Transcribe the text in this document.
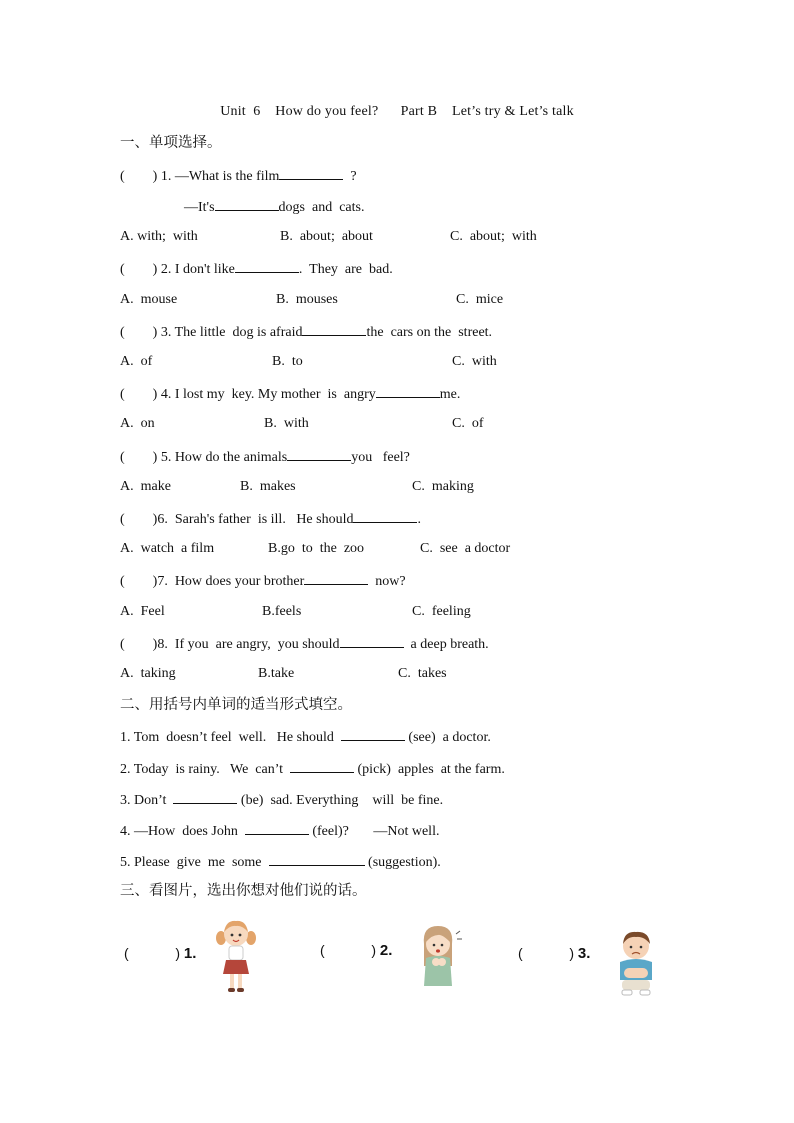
Unit  6    How do you feel?      Part B    Let’s try & Let’s talk
一、单项选择。
(        ) 1. —What is the film	?
—It's	dogs  and  cats.
A. with;  with	B.  about;  about	C.  about;  with
(        ) 2. I don't like	.  They  are  bad.
A.  mouse	B.  mouses	C.  mice
(        ) 3. The little  dog is afraid	the  cars on the  street.
A.  of	B.  to	C.  with
(        ) 4. I lost my  key. My mother  is  angry	me.
A.  on	B.  with	C.  of
(        ) 5. How do the animals	you   feel?
A.  make	B.  makes	C.  making
(        )6.  Sarah's father  is ill.   He should	.
A.  watch  a film	B.go  to  the  zoo	C.  see  a doctor
(        )7.  How does your brother	now?
A.  Feel	B.feels	C.  feeling
(        )8.  If you  are angry,  you should	a deep breath.
A.  taking	B.take	C.  takes
二、用括号内单词的适当形式填空。
1. Tom  doesn’t feel  well.   He should	(see)  a doctor.
2. Today  is rainy.   We  can’t	(pick)  apples  at the farm.
3. Don’t	(be)  sad. Everything    will  be fine.
4. —How  does John	(feel)?       —Not well.
5. Please  give  me  some	(suggestion).
三、看图片，选出你想对他们说的话。
(            ) 1.	(            ) 2.	(            ) 3.
